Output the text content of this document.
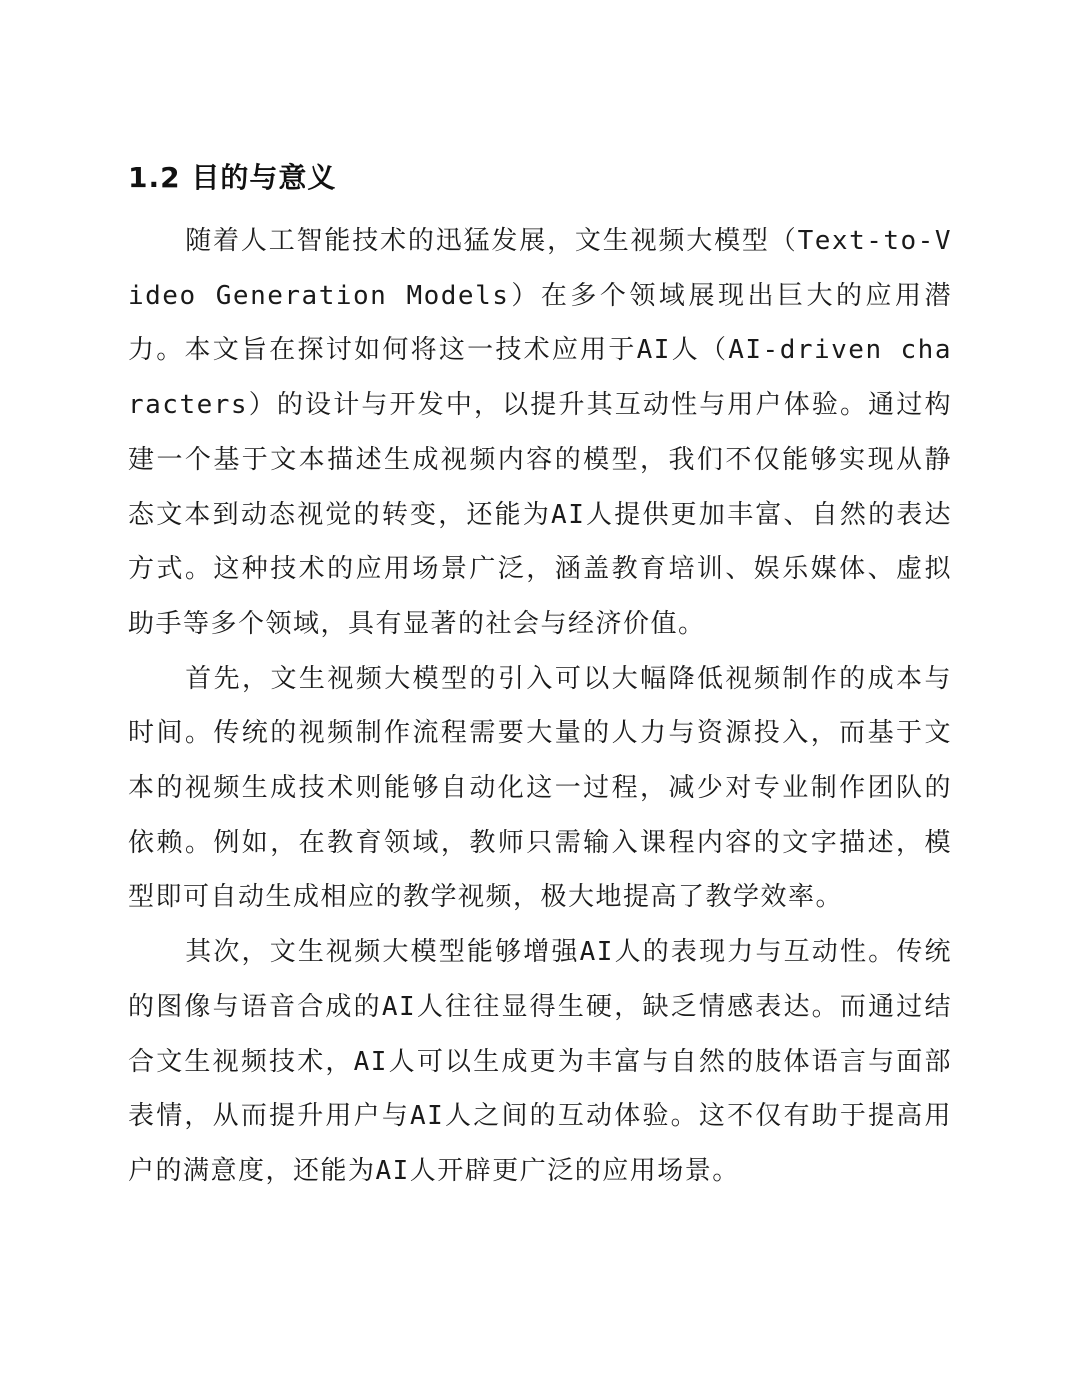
1.2 目的与意义

随着人工智能技术的迅猛发展，文生视频大模型（Text-to-Video Generation Models）在多个领域展现出巨大的应用潜力。本文旨在探讨如何将这一技术应用于AI人（AI-driven characters）的设计与开发中，以提升其互动性与用户体验。通过构建一个基于文本描述生成视频内容的模型，我们不仅能够实现从静态文本到动态视觉的转变，还能为AI人提供更加丰富、自然的表达方式。这种技术的应用场景广泛，涵盖教育培训、娱乐媒体、虚拟助手等多个领域，具有显著的社会与经济价值。

首先，文生视频大模型的引入可以大幅降低视频制作的成本与时间。传统的视频制作流程需要大量的人力与资源投入，而基于文本的视频生成技术则能够自动化这一过程，减少对专业制作团队的依赖。例如，在教育领域，教师只需输入课程内容的文字描述，模型即可自动生成相应的教学视频，极大地提高了教学效率。

其次，文生视频大模型能够增强AI人的表现力与互动性。传统的图像与语音合成的AI人往往显得生硬，缺乏情感表达。而通过结合文生视频技术，AI人可以生成更为丰富与自然的肢体语言与面部表情，从而提升用户与AI人之间的互动体验。这不仅有助于提高用户的满意度，还能为AI人开辟更广泛的应用场景。
